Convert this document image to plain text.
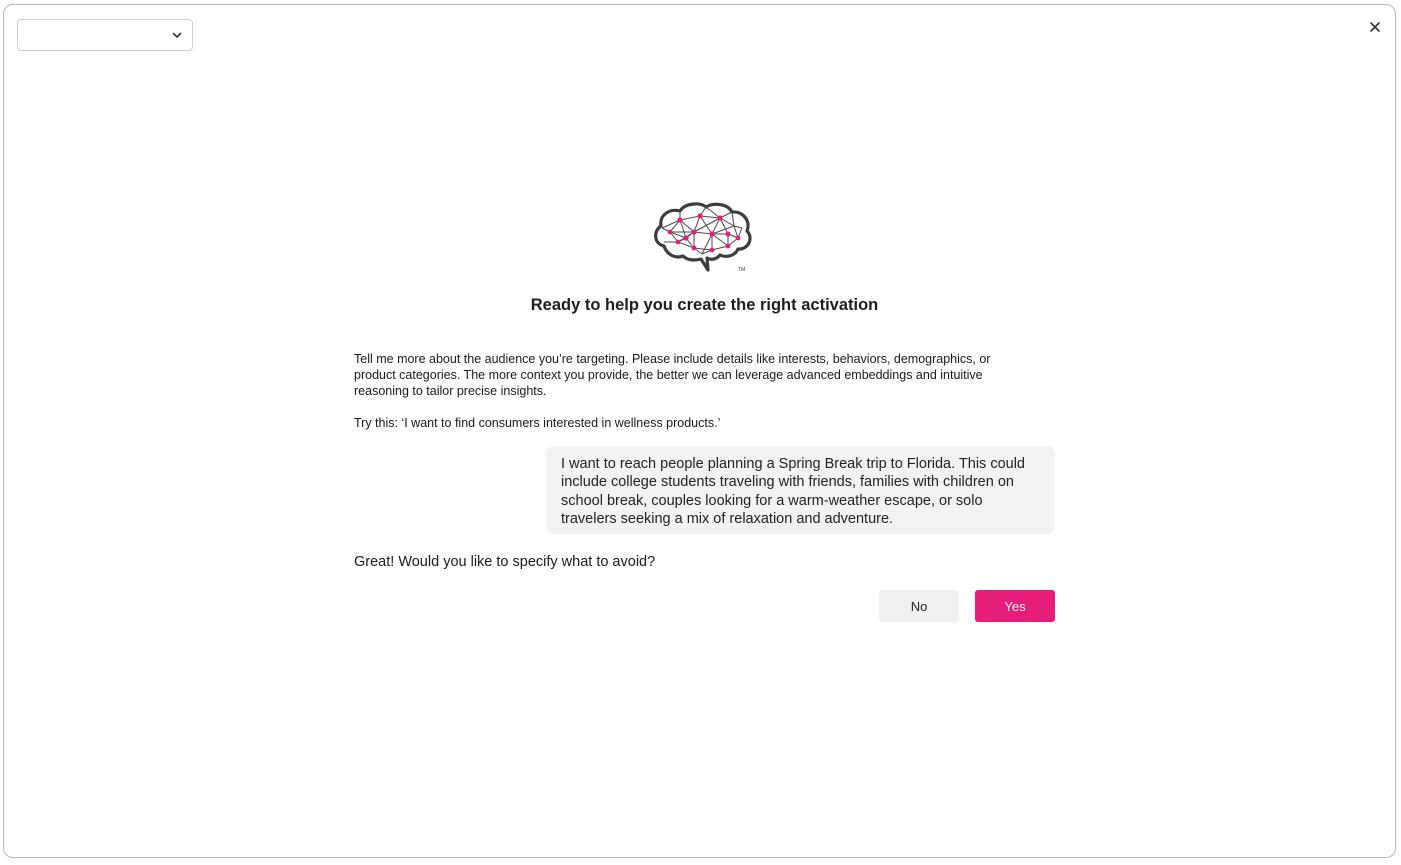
TM
Ready to help you create the right activation

Tell me more about the audience you’re targeting. Please include details like interests, behaviors, demographics, or product categories. The more context you provide, the better we can leverage advanced embeddings and intuitive reasoning to tailor precise insights.

Try this: ‘I want to find consumers interested in wellness products.’

I want to reach people planning a Spring Break trip to Florida. This could include college students traveling with friends, families with children on school break, couples looking for a warm-weather escape, or solo travelers seeking a mix of relaxation and adventure.

Great! Would you like to specify what to avoid?

No	Yes
